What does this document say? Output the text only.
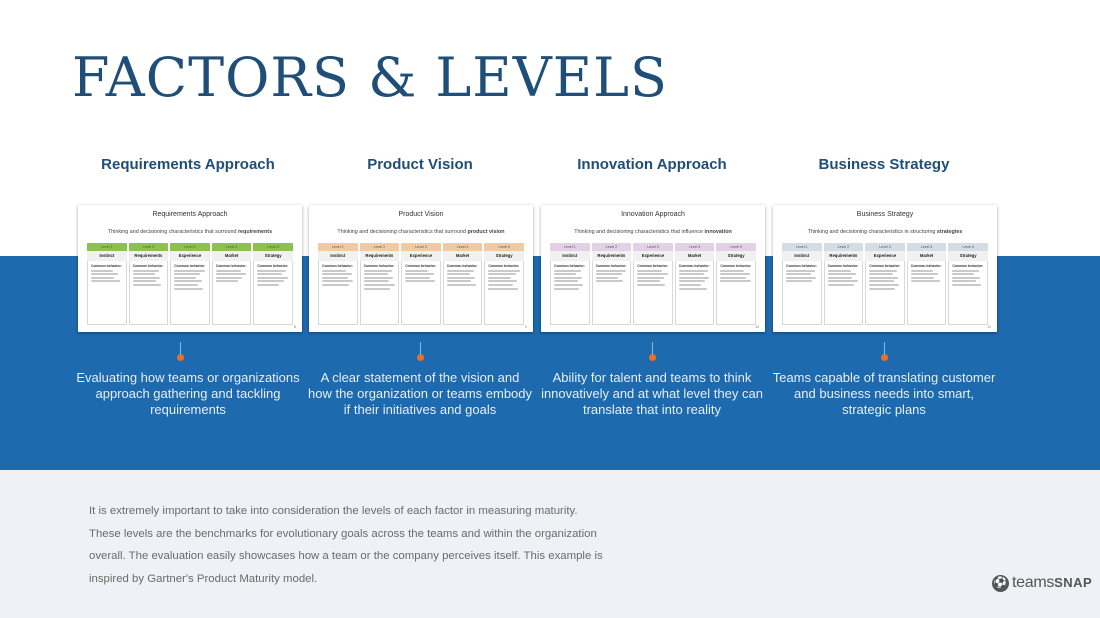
FACTORS & LEVELS
Requirements Approach
Requirements Approach
Thinking and decisioning characteristics that surround requirements
Level 1
Instinct
Common behavior:
Level 2
Requirements
Common behavior:
Level 3
Experience
Common behavior:
Level 4
Market
Common behavior:
Level 5
Strategy
Common behavior:
8
Evaluating how teams or organizations approach gathering and tackling requirements
Product Vision
Product Vision
Thinking and decisioning characteristics that surround product vision
Level 1
Instinct
Common behavior:
Level 2
Requirements
Common behavior:
Level 3
Experience
Common behavior:
Level 4
Market
Common behavior:
Level 5
Strategy
Common behavior:
9
A clear statement of the vision and how the organization or teams embody if their initiatives and goals
Innovation Approach
Innovation Approach
Thinking and decisioning characteristics that influence innovation
Level 1
Instinct
Common behavior:
Level 2
Requirements
Common behavior:
Level 3
Experience
Common behavior:
Level 4
Market
Common behavior:
Level 5
Strategy
Common behavior:
10
Ability for talent and teams to think innovatively and at what level they can translate that into reality
Business Strategy
Business Strategy
Thinking and decisioning characteristics in structuring strategies
Level 1
Instinct
Common behavior:
Level 2
Requirements
Common behavior:
Level 3
Experience
Common behavior:
Level 4
Market
Common behavior:
Level 5
Strategy
Common behavior:
11
Teams capable of translating customer and business needs into smart, strategic plans
It is extremely important to take into consideration the levels of each factor in measuring maturity. These levels are the benchmarks for evolutionary goals across the teams and within the organization overall. The evaluation easily showcases how a team or the company perceives itself. This example is inspired by Gartner's Product Maturity model.	⚽ teamsSNAP
